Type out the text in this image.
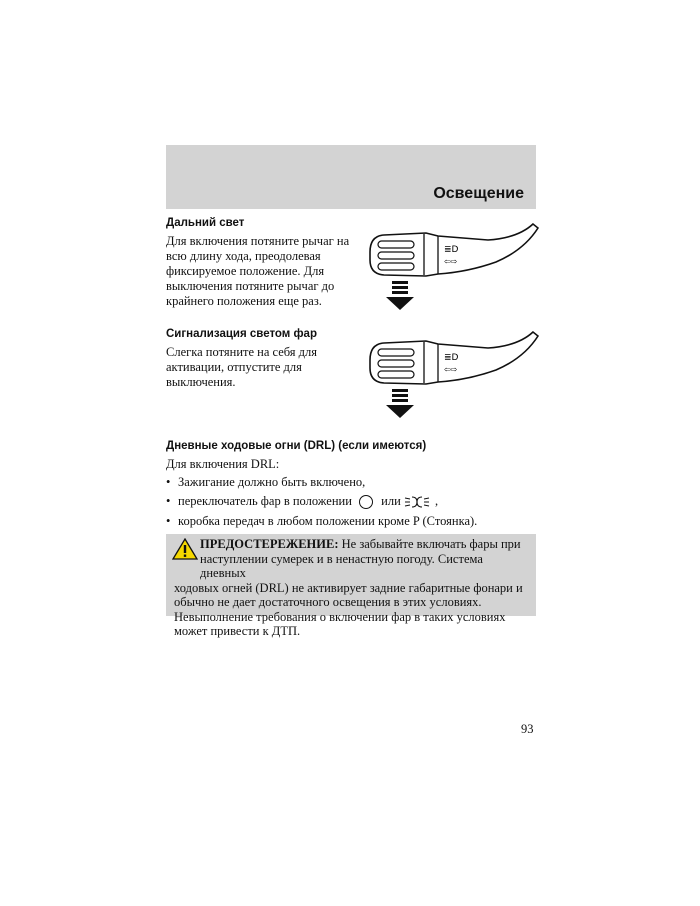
Освещение
Дальний свет
Для включения потяните рычаг на
всю длину хода, преодолевая
фиксируемое положение. Для
выключения потяните рычаг до
крайнего положения еще раз.
≣D
⇦⇨
Сигнализация светом фар
Слегка потяните на себя для
активации, отпустите для
выключения.
≣D
⇦⇨
Дневные ходовые огни (DRL) (если имеются)
Для включения DRL:
• Зажигание должно быть включено,
• переключатель фар в положении или	,
• коробка передач в любом положении кроме P (Стоянка).
ПРЕДОСТЕРЕЖЕНИЕ: Не забывайте включать фары при
наступлении сумерек и в ненастную погоду. Система дневных
ходовых огней (DRL) не активирует задние габаритные фонари и
обычно не дает достаточного освещения в этих условиях.
Невыполнение требования о включении фар в таких условиях
может привести к ДТП.
93
